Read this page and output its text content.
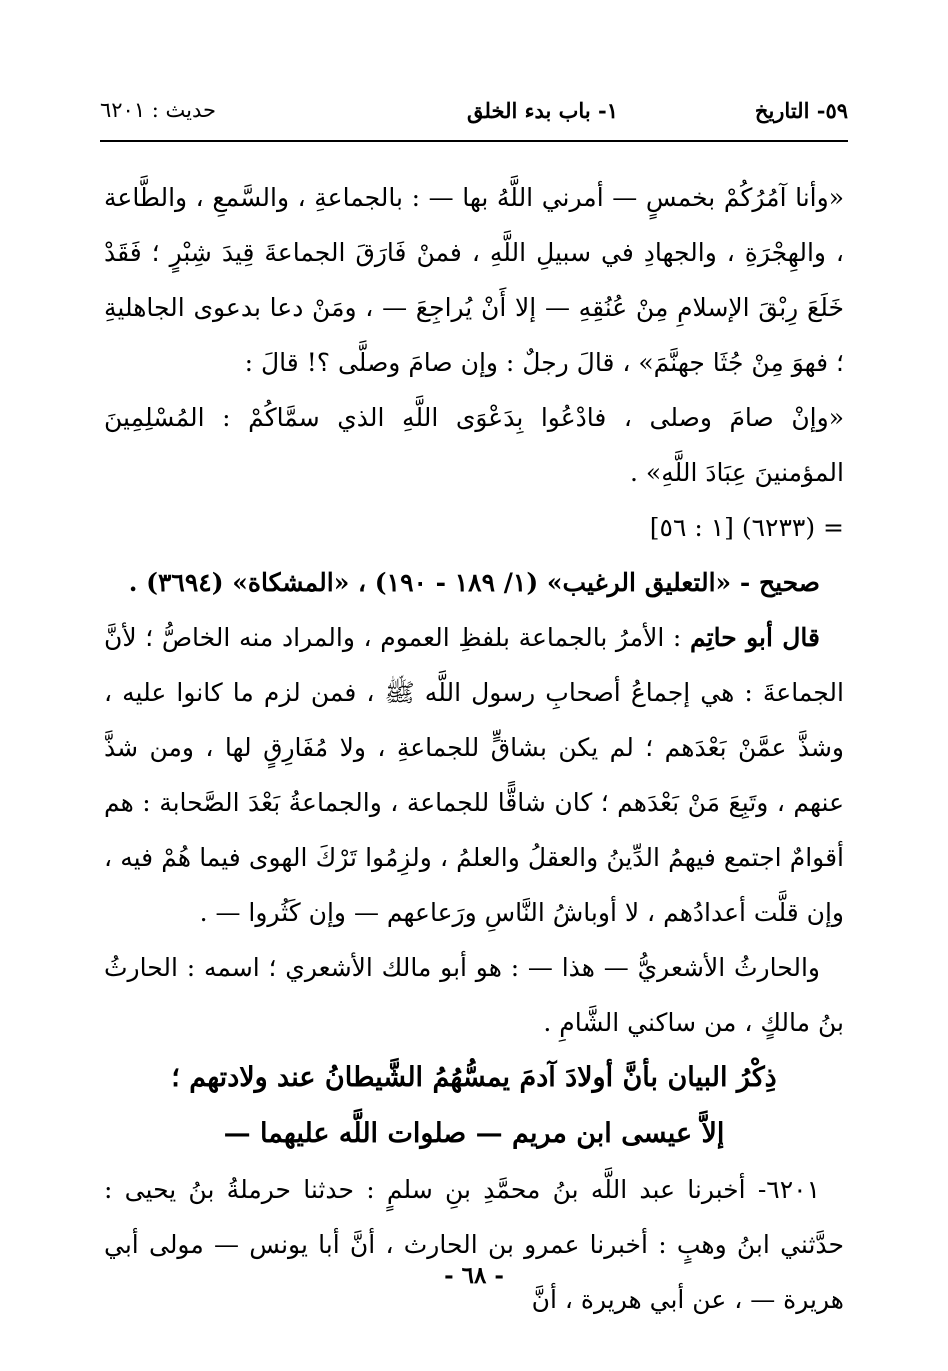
٥٩- التاريخ
١- باب بدء الخلق
حديث : ٦٢٠١

«وأنا آمُرُكُمْ بخمسٍ — أمرني اللَّهُ بها — : بالجماعةِ ، والسَّمعِ ، والطَّاعة ، والهِجْرَةِ ، والجهادِ في سبيلِ اللَّهِ ، فمنْ فَارَقَ الجماعةَ قِيدَ شِبْرٍ ؛ فَقَدْ خَلَعَ رِبْقَ الإسلامِ مِنْ عُنُقِهِ — إلا أَنْ يُراجِعَ — ، ومَنْ دعا بدعوى الجاهليةِ ؛ فهوَ مِنْ جُثَا جهنَّمَ» ، قالَ رجلٌ : وإن صامَ وصلَّى ؟! قالَ :

«وإنْ صامَ وصلى ، فادْعُوا بِدَعْوَى اللَّهِ الذي سمَّاكُمْ : المُسْلِمِينَ المؤمنينَ عِبَادَ اللَّهِ» .

= (٦٢٣٣) [١ : ٥٦]

صحيح - «التعليق الرغيب» (١/ ١٨٩ - ١٩٠) ، «المشكاة» (٣٦٩٤) .

قال أبو حاتِم : الأمرُ بالجماعة بلفظِ العموم ، والمراد منه الخاصُّ ؛ لأنَّ الجماعةَ : هي إجماعُ أصحابِ رسول اللَّه ﷺ ، فمن لزم ما كانوا عليه ، وشذَّ عمَّنْ بَعْدَهم ؛ لم يكن بشاقٍّ للجماعةِ ، ولا مُفَارِقٍ لها ، ومن شذَّ عنهم ، وتَبِعَ مَنْ بَعْدَهم ؛ كان شاقًّا للجماعة ، والجماعةُ بَعْدَ الصَّحابة : هم أقوامٌ اجتمع فيهمُ الدِّينُ والعقلُ والعلمُ ، ولزِمُوا تَرْكَ الهوى فيما هُمْ فيه ، وإن قلَّت أعدادُهم ، لا أوباشُ النَّاسِ ورَعاعهم — وإن كَثُروا — .

والحارثُ الأشعريُّ — هذا — : هو أبو مالك الأشعري ؛ اسمه : الحارثُ بنُ مالكٍ ، من ساكني الشَّامِ .

ذِكْرُ البيان بأنَّ أولادَ آدمَ يمسُّهُمُ الشَّيطانُ عند ولادتهم ؛

إلاَّ عيسى ابن مريم — صلوات اللَّه عليهما —

٦٢٠١- أخبرنا عبد اللَّه بنُ محمَّدِ بنِ سلمٍ : حدثنا حرملةُ بنُ يحيى : حدَّثني ابنُ وهبٍ : أخبرنا عمرو بن الحارث ، أنَّ أبا يونس — مولى أبي هريرة — ، عن أبي هريرة ، أنَّ

- ٦٨ -
